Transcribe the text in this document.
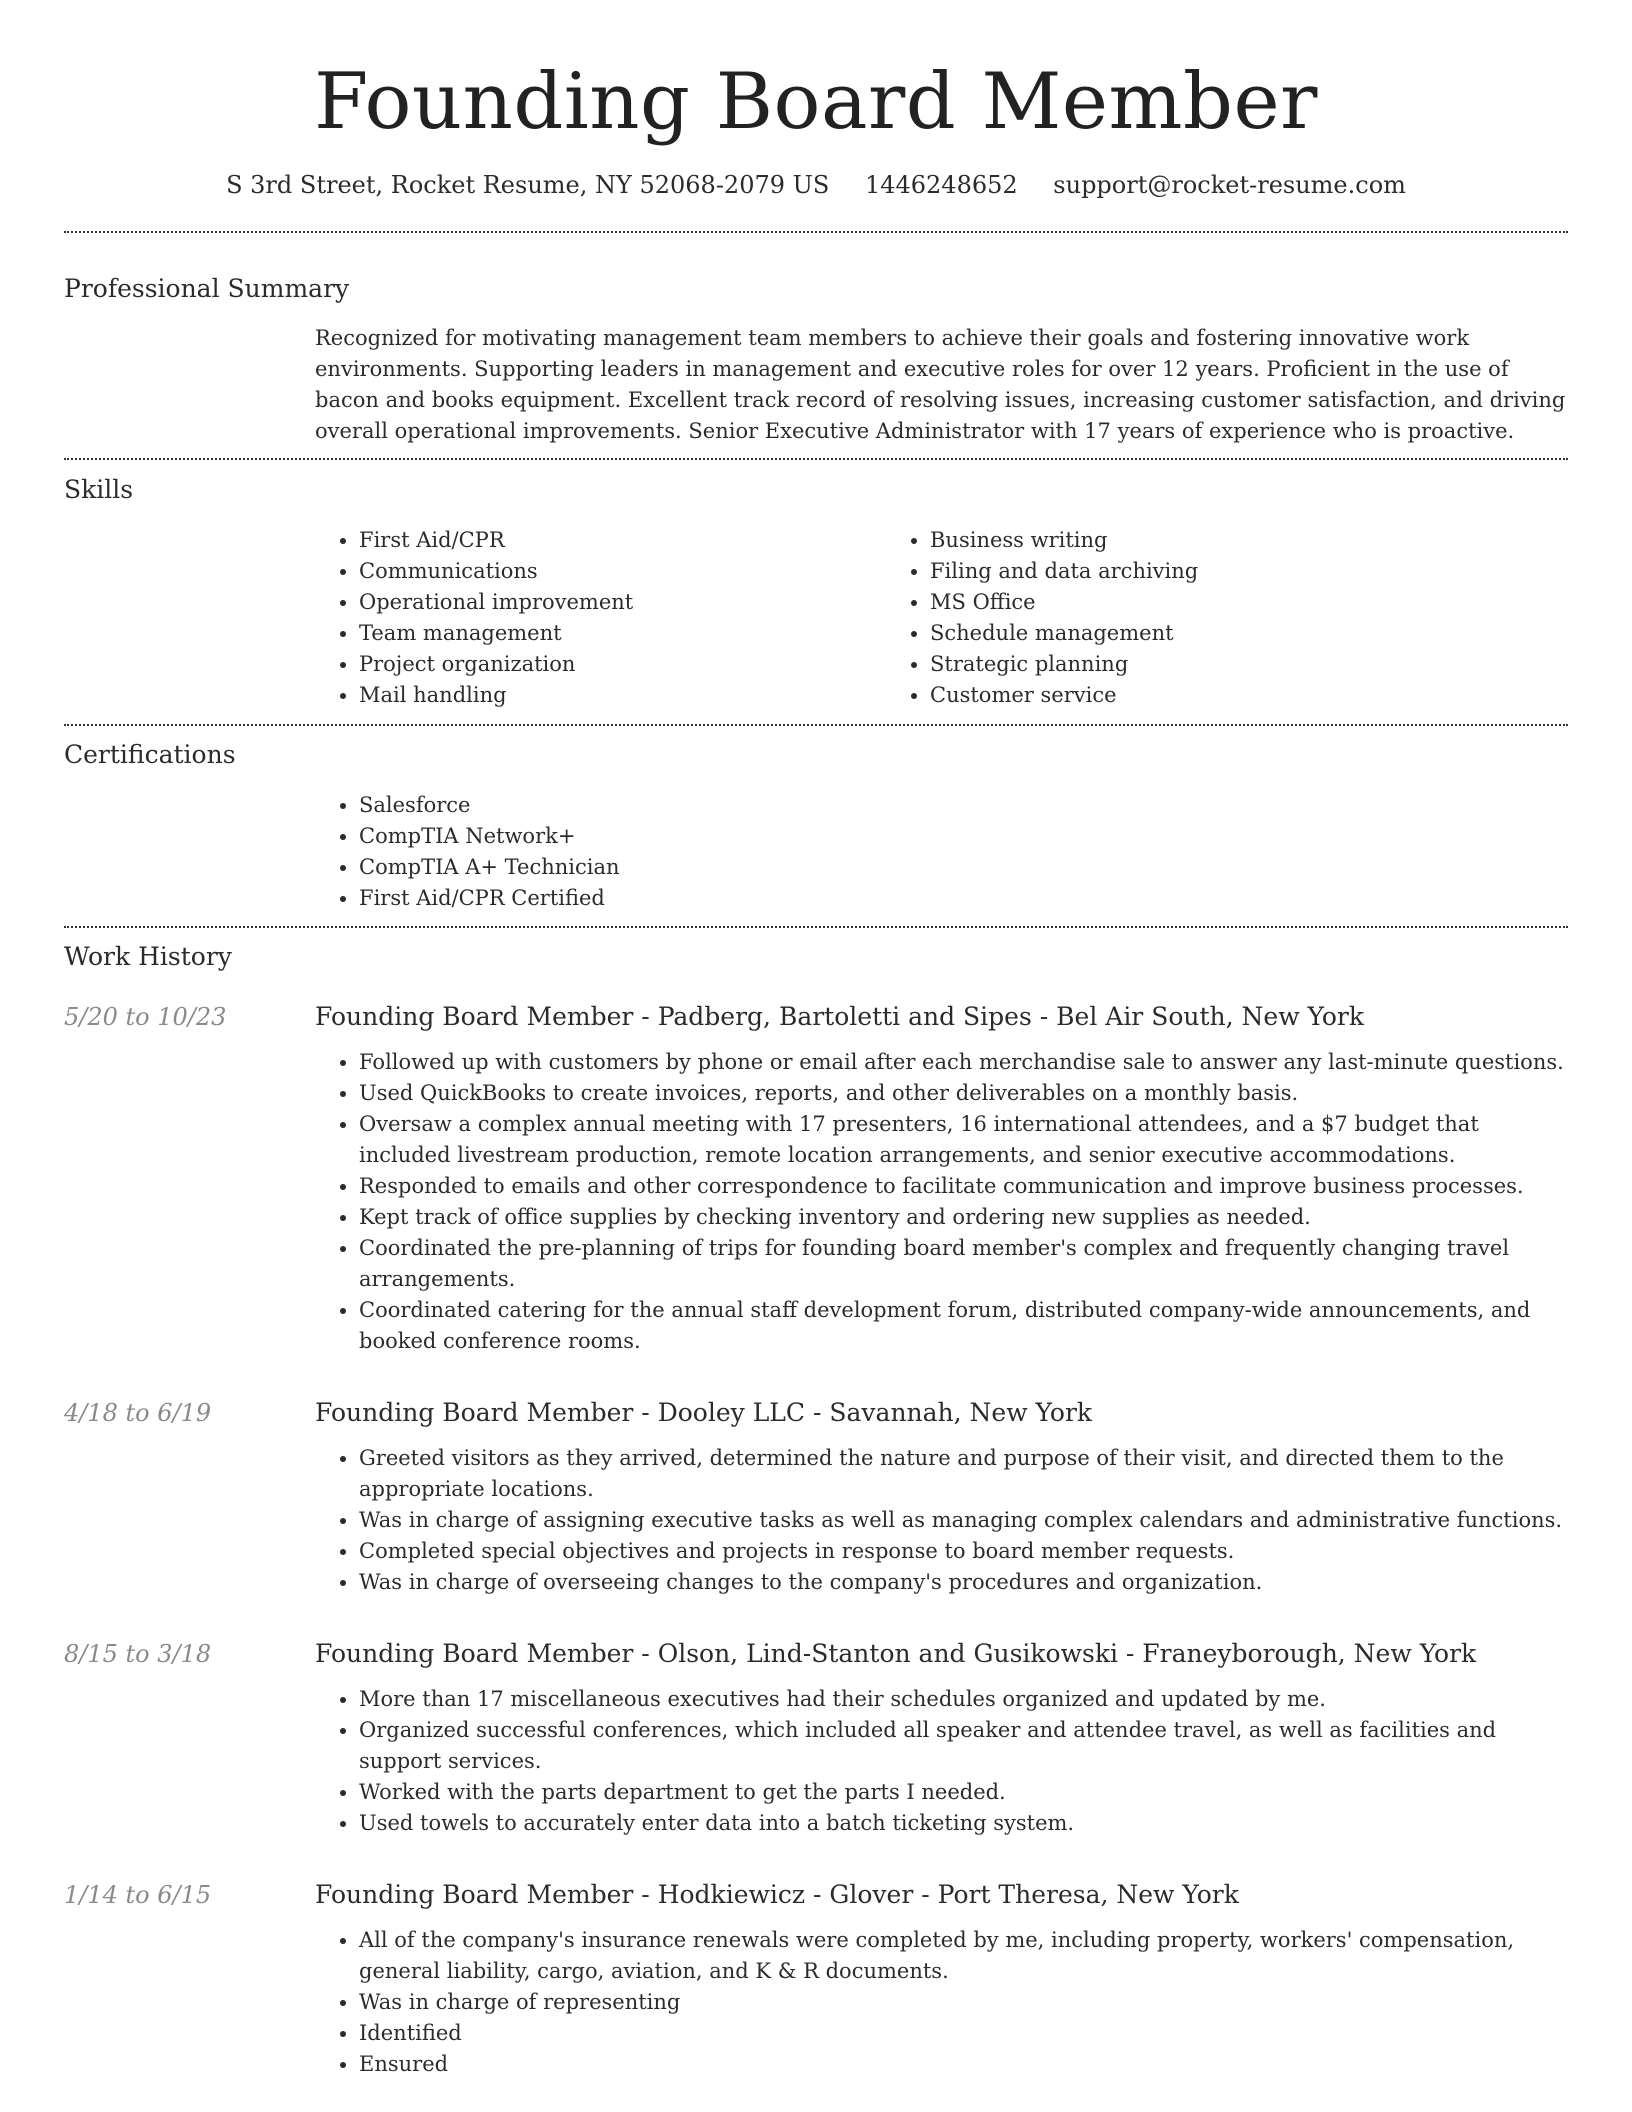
Founding Board Member
S 3rd Street, Rocket Resume, NY 52068-2079 US 1446248652 support@rocket-resume.com
Professional Summary

Recognized for motivating management team members to achieve their goals and fostering innovative work environments. Supporting leaders in management and executive roles for over 12 years. Proficient in the use of bacon and books equipment. Excellent track record of resolving issues, increasing customer satisfaction, and driving overall operational improvements. Senior Executive Administrator with 17 years of experience who is proactive.

Skills
• First Aid/CPR
• Communications
• Operational improvement
• Team management
• Project organization
• Mail handling
• Business writing
• Filing and data archiving
• MS Office
• Schedule management
• Strategic planning
• Customer service
Certifications
• Salesforce
• CompTIA Network+
• CompTIA A+ Technician
• First Aid/CPR Certified
Work History
5/20 to 10/23	Founding Board Member - Padberg, Bartoletti and Sipes - Bel Air South, New York
• Followed up with customers by phone or email after each merchandise sale to answer any last-minute questions.
• Used QuickBooks to create invoices, reports, and other deliverables on a monthly basis.
• Oversaw a complex annual meeting with 17 presenters, 16 international attendees, and a $7 budget that included livestream production, remote location arrangements, and senior executive accommodations.
• Responded to emails and other correspondence to facilitate communication and improve business processes.
• Kept track of office supplies by checking inventory and ordering new supplies as needed.
• Coordinated the pre-planning of trips for founding board member's complex and frequently changing travel arrangements.
• Coordinated catering for the annual staff development forum, distributed company-wide announcements, and booked conference rooms.
4/18 to 6/19	Founding Board Member - Dooley LLC - Savannah, New York
• Greeted visitors as they arrived, determined the nature and purpose of their visit, and directed them to the appropriate locations.
• Was in charge of assigning executive tasks as well as managing complex calendars and administrative functions.
• Completed special objectives and projects in response to board member requests.
• Was in charge of overseeing changes to the company's procedures and organization.
8/15 to 3/18	Founding Board Member - Olson, Lind-Stanton and Gusikowski - Franeyborough, New York
• More than 17 miscellaneous executives had their schedules organized and updated by me.
• Organized successful conferences, which included all speaker and attendee travel, as well as facilities and support services.
• Worked with the parts department to get the parts I needed.
• Used towels to accurately enter data into a batch ticketing system.
1/14 to 6/15	Founding Board Member - Hodkiewicz - Glover - Port Theresa, New York
• All of the company's insurance renewals were completed by me, including property, workers' compensation, general liability, cargo, aviation, and K & R documents.
• Was in charge of representing
• Identified
• Ensured
